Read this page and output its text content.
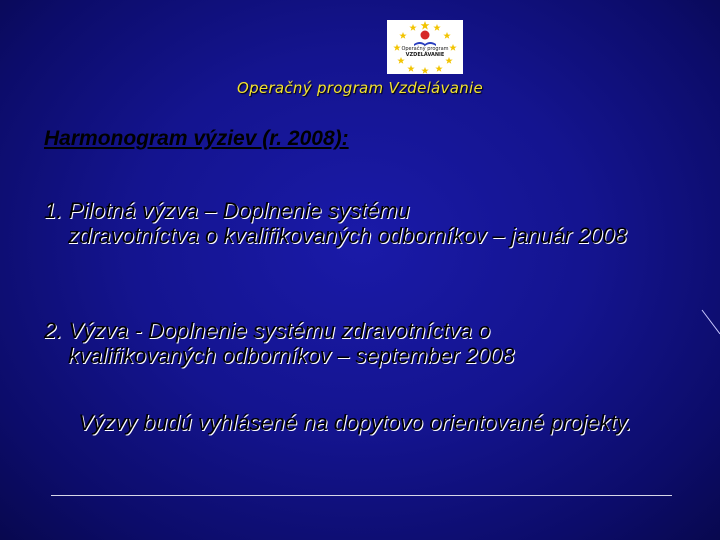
Operačný program
VZDELÁVANIE
Operačný program Vzdelávanie
Harmonogram výziev (r. 2008):
1. Pilotná výzva – Doplnenie systému
zdravotníctva o kvalifikovaných odborníkov – január 2008
2. Výzva - Doplnenie systému zdravotníctva o
kvalifikovaných odborníkov – september 2008
Výzvy budú vyhlásené na dopytovo orientované projekty.
